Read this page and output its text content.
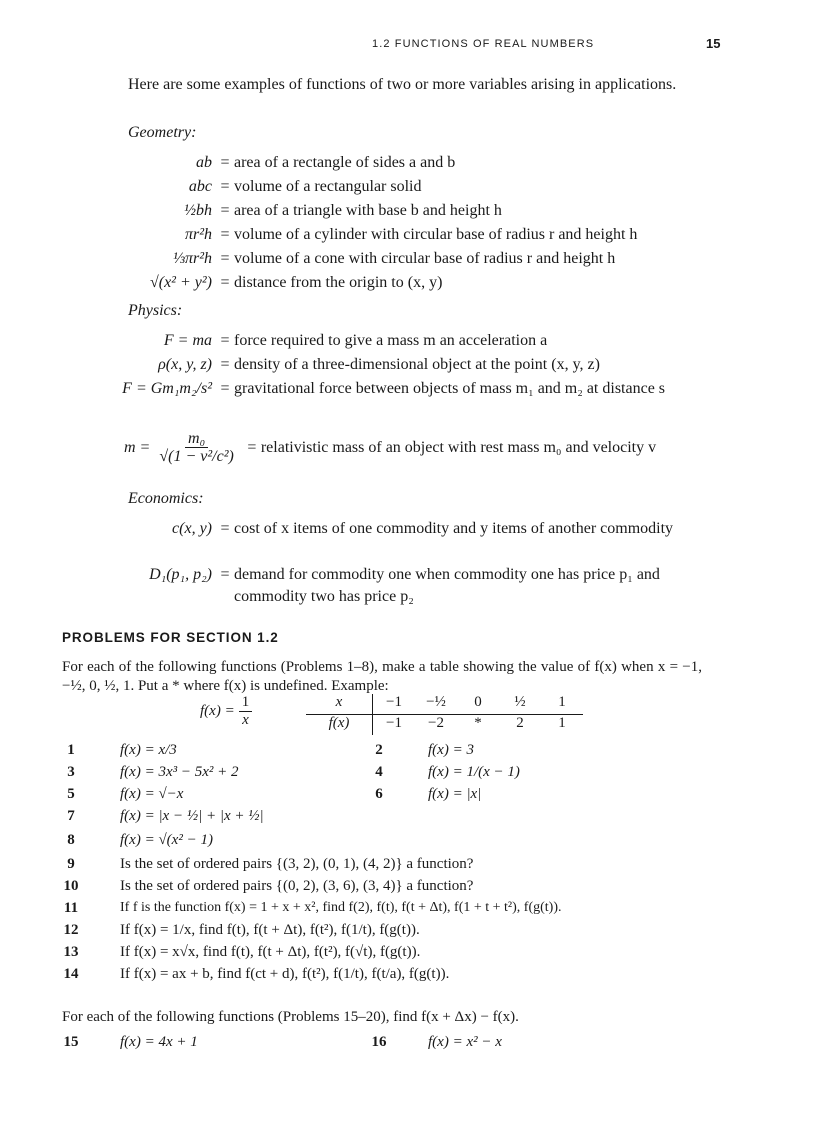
1.2 FUNCTIONS OF REAL NUMBERS	15
Here are some examples of functions of two or more variables arising in applications.
Geometry:
ab = area of a rectangle of sides a and b
abc = volume of a rectangular solid
½bh = area of a triangle with base b and height h
πr²h = volume of a cylinder with circular base of radius r and height h
⅓πr²h = volume of a cone with circular base of radius r and height h
√(x² + y²) = distance from the origin to (x, y)
Physics:
F = ma = force required to give a mass m an acceleration a
ρ(x, y, z) = density of a three-dimensional object at the point (x, y, z)
F = Gm₁m₂/s² = gravitational force between objects of mass m₁ and m₂ at distance s
$m = \frac{\text{m₀}}{\text{√(1 − v²/c²)}}$ = relativistic mass of an object with rest mass m₀ and velocity v
Economics:
c(x, y) = cost of x items of one commodity and y items of another commodity
D₁(p₁, p₂) = demand for commodity one when commodity one has price p₁ and commodity two has price p₂
PROBLEMS FOR SECTION 1.2
For each of the following functions (Problems 1–8), make a table showing the value of f(x) when x = −1, −½, 0, ½, 1. Put a * where f(x) is undefined. Example:
$f(x) = \frac{1}{x}$	x	−1	−½	0	½	1
f(x)	−1	−2	*	2	1
1	f(x) = x/3	2	f(x) = 3
3	f(x) = 3x³ − 5x² + 2	4	f(x) = 1/(x − 1)
5	f(x) = √−x	6	f(x) = |x|
7	f(x) = |x − ½| + |x + ½|
8	f(x) = √(x² − 1)
9	Is the set of ordered pairs {(3, 2), (0, 1), (4, 2)} a function?
10	Is the set of ordered pairs {(0, 2), (3, 6), (3, 4)} a function?
11	If f is the function f(x) = 1 + x + x², find f(2), f(t), f(t + Δt), f(1 + t + t²), f(g(t)).
12	If f(x) = 1/x, find f(t), f(t + Δt), f(t²), f(1/t), f(g(t)).
13	If f(x) = x√x, find f(t), f(t + Δt), f(t²), f(√t), f(g(t)).
14	If f(x) = ax + b, find f(ct + d), f(t²), f(1/t), f(t/a), f(g(t)).
For each of the following functions (Problems 15–20), find f(x + Δx) − f(x).
15	f(x) = 4x + 1	16	f(x) = x² − x
